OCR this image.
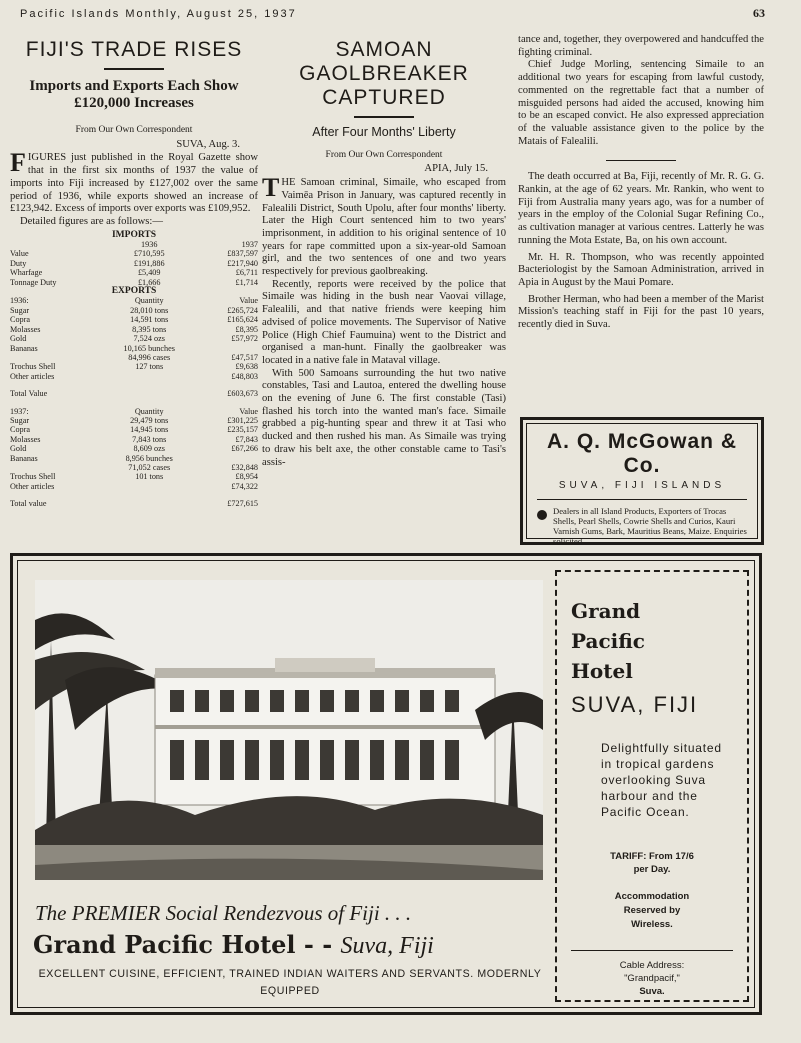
Pacific Islands Monthly, August 25, 1937	63
FIJI'S TRADE RISES
Imports and Exports Each Show £120,000 Increases
From Our Own Correspondent
SUVA, Aug. 3.

FIGURES just published in the Royal Gazette show that in the first six months of 1937 the value of imports into Fiji increased by £127,002 over the same period of 1936, while exports showed an increase of £123,942. Excess of imports over exports was £109,952.

Detailed figures are as follows:—

IMPORTS		
	1936	1937
Value	£710,595	£837,597
Duty	£191,886	£217,940
Wharfage	£5,409	£6,711
Tonnage Duty	£1,666	£1,714
EXPORTS		
1936:	Quantity	Value
Sugar	28,010 tons	£265,724
Copra	14,591 tons	£165,624
Molasses	8,395 tons	£8,395
Gold	7,524 ozs	£57,972
Bananas	10,165 bunches	
	84,996 cases	£47,517
Trochus Shell	127 tons	£9,638
Other articles		£48,803

Total Value		£603,673

1937:	Quantity	Value
Sugar	29,479 tons	£301,225
Copra	14,945 tons	£235,157
Molasses	7,843 tons	£7,843
Gold	8,609 ozs	£67,266
Bananas	8,956 bunches	
	71,052 cases	£32,848
Trochus Shell	101 tons	£8,954
Other articles		£74,322

Total value		£727,615
SAMOAN GAOLBREAKER CAPTURED
After Four Months' Liberty
From Our Own Correspondent
APIA, July 15.

THE Samoan criminal, Simaile, who escaped from Vaimēa Prison in January, was captured recently in Falealili District, South Upolu, after four months' liberty. Later the High Court sentenced him to two years' imprisonment, in addition to his original sentence of 10 years for rape committed upon a six-year-old Samoan girl, and the two sentences of one and two years respectively for previous gaolbreaking.

Recently, reports were received by the police that Simaile was hiding in the bush near Vaovai village, Falealili, and that native friends were keeping him advised of police movements. The Supervisor of Native Police (High Chief Faumuina) went to the District and organised a man-hunt. Finally the gaolbreaker was located in a native fale in Mataval village.

With 500 Samoans surrounding the hut two native constables, Tasi and Lautoa, entered the dwelling house on the evening of June 6. The first constable (Tasi) flashed his torch into the wanted man's face. Simaile grabbed a pig-hunting spear and threw it at Tasi who ducked and then rushed his man. As Simaile was trying to draw his belt axe, the other constable came to Tasi's assis-

tance and, together, they overpowered and handcuffed the fighting criminal.

Chief Judge Morling, sentencing Simaile to an additional two years for escaping from lawful custody, commented on the regrettable fact that a number of misguided persons had aided the accused, knowing him to be an escaped convict. He also expressed appreciation of the valuable assistance given to the police by the Matais of Falealili.

The death occurred at Ba, Fiji, recently of Mr. R. G. G. Rankin, at the age of 62 years. Mr. Rankin, who went to Fiji from Australia many years ago, was for a number of years in the employ of the Colonial Sugar Refining Co., as cultivation manager at various centres. Latterly he was running the Mota Estate, Ba, on his own account.

Mr. H. R. Thompson, who was recently appointed Bacteriologist by the Samoan Administration, arrived in Apia in August by the Maui Pomare.

Brother Herman, who had been a member of the Marist Mission's teaching staff in Fiji for the past 10 years, recently died in Suva.

A. Q. McGowan & Co.
SUVA, FIJI ISLANDS
Dealers in all Island Products, Exporters of Trocas Shells, Pearl Shells, Cowrie Shells and Curios, Kauri Varnish Gums, Bark, Mauritius Beans, Maize. Enquiries solicited
The PREMIER Social Rendezvous of Fiji . . .
Grand Pacific Hotel - - Suva, Fiji
EXCELLENT CUISINE, EFFICIENT, TRAINED INDIAN WAITERS AND SERVANTS. MODERNLY EQUIPPED
Grand
Pacific
Hotel
SUVA, FIJI
Delightfully situated in tropical gardens overlooking Suva harbour and the Pacific Ocean.
TARIFF: From 17/6
per Day.
Accommodation
Reserved by
Wireless.
Cable Address:
"Grandpacif,"
Suva.
